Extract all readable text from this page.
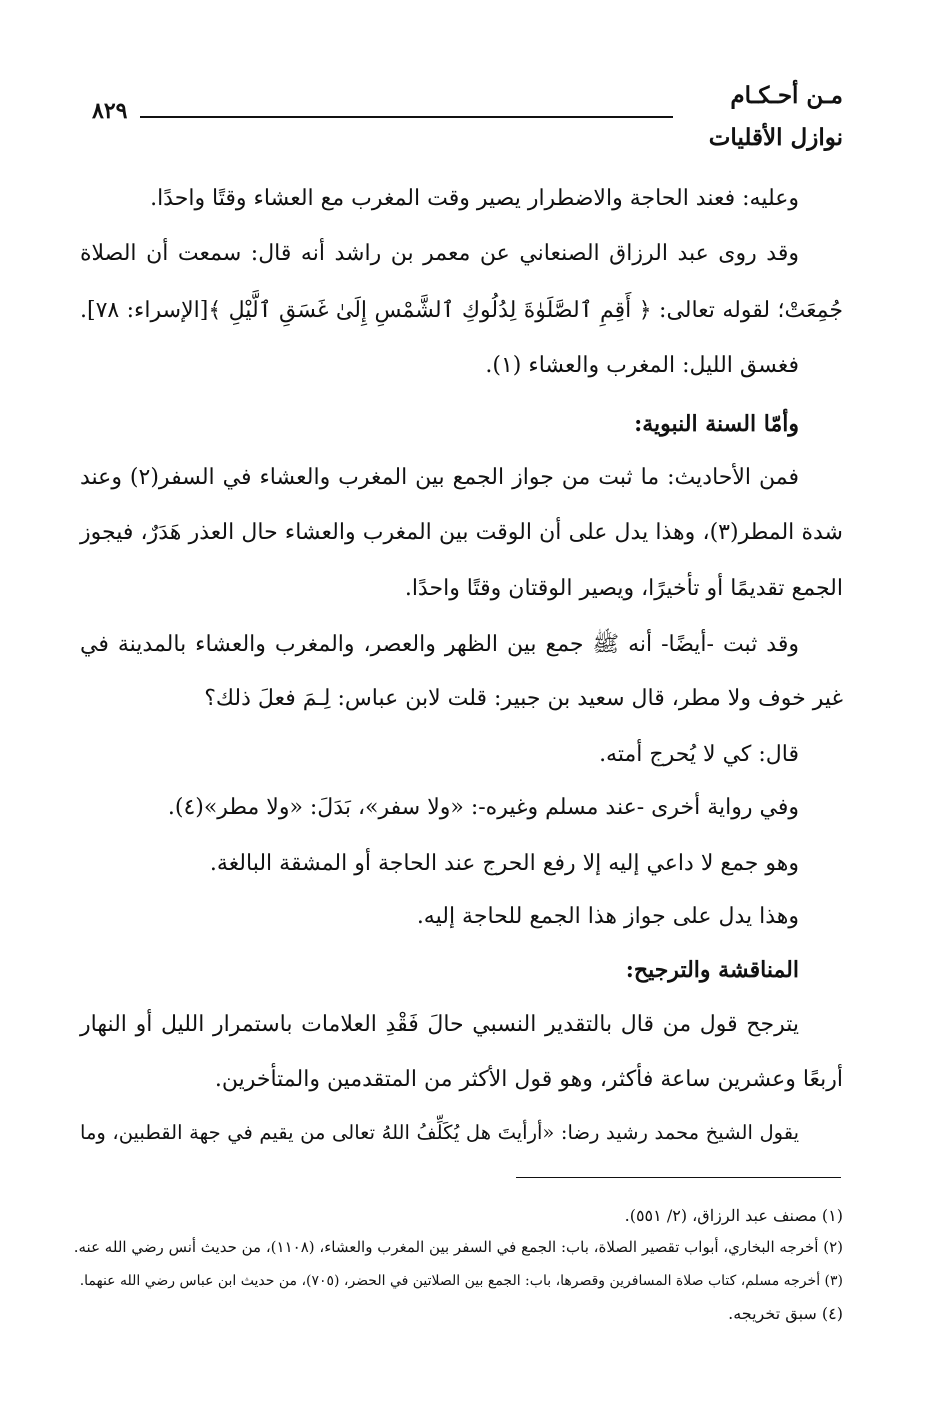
مـن أحـكـام
نوازل الأقليات
٨٢٩
وعليه: فعند الحاجة والاضطرار يصير وقت المغرب مع العشاء وقتًا واحدًا.
وقد روى عبد الرزاق الصنعاني عن معمر بن راشد أنه قال: سمعت أن الصلاة
جُمِعَتْ؛ لقوله تعالى: ﴿ أَقِمِ ٱلصَّلَوٰةَ لِدُلُوكِ ٱلشَّمْسِ إِلَىٰ غَسَقِ ٱلَّيْلِ ﴾[الإسراء: ٧٨].
فغسق الليل: المغرب والعشاء (١).
وأمّا السنة النبوية:
فمن الأحاديث: ما ثبت من جواز الجمع بين المغرب والعشاء في السفر(٢) وعند
شدة المطر(٣)، وهذا يدل على أن الوقت بين المغرب والعشاء حال العذر هَدَرٌ، فيجوز
الجمع تقديمًا أو تأخيرًا، ويصير الوقتان وقتًا واحدًا.
وقد ثبت -أيضًا- أنه ﷺ جمع بين الظهر والعصر، والمغرب والعشاء بالمدينة في
غير خوف ولا مطر، قال سعيد بن جبير: قلت لابن عباس: لِـمَ فعلَ ذلك؟
قال: كي لا يُحرج أمته.
وفي رواية أخرى -عند مسلم وغيره-: «ولا سفر»، بَدَلَ: «ولا مطر»(٤).
وهو جمع لا داعي إليه إلا رفع الحرج عند الحاجة أو المشقة البالغة.
وهذا يدل على جواز هذا الجمع للحاجة إليه.
المناقشة والترجيح:
يترجح قول من قال بالتقدير النسبي حالَ فَقْدِ العلامات باستمرار الليل أو النهار
أربعًا وعشرين ساعة فأكثر، وهو قول الأكثر من المتقدمين والمتأخرين.
يقول الشيخ محمد رشيد رضا: «أرأيتَ هل يُكَلِّفُ اللهُ تعالى من يقيم في جهة القطبين، وما
(١) مصنف عبد الرزاق، (٢/ ٥٥١).
(٢) أخرجه البخاري، أبواب تقصير الصلاة، باب: الجمع في السفر بين المغرب والعشاء، (١١٠٨)، من حديث أنس رضي الله عنه.
(٣) أخرجه مسلم، كتاب صلاة المسافرين وقصرها، باب: الجمع بين الصلاتين في الحضر، (٧٠٥)، من حديث ابن عباس رضي الله عنهما.
(٤) سبق تخريجه.
